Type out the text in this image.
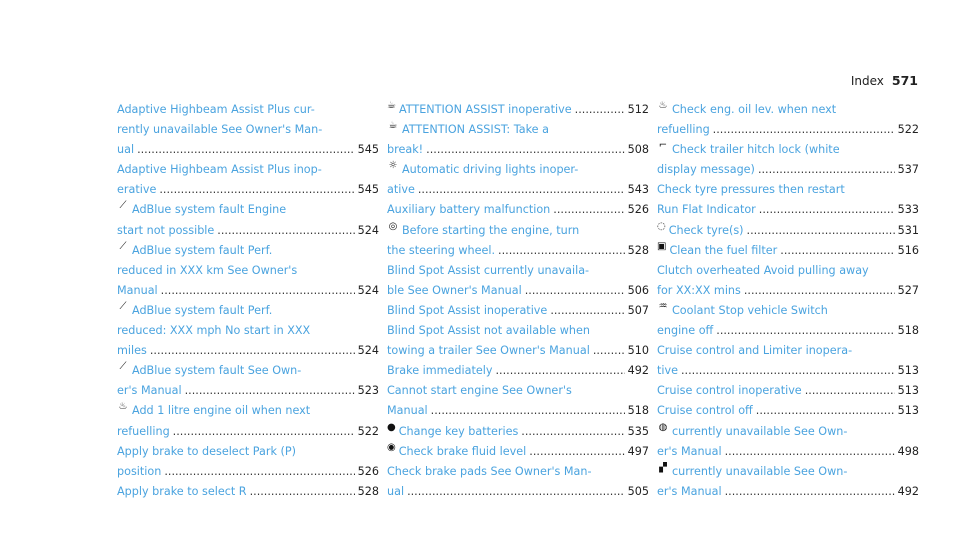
Index 571
Adaptive Highbeam Assist Plus cur-
rently unavailable See Owner's Man-
ual .....	545
Adaptive Highbeam Assist Plus inop-
erative .....	545
⟋ AdBlue system fault Engine
start not possible .....	524
⟋ AdBlue system fault Perf.
reduced in XXX km See Owner's
Manual .....	524
⟋ AdBlue system fault Perf.
reduced: XXX mph No start in XXX
miles .....	524
⟋ AdBlue system fault See Own-
er's Manual .....	523
♨ Add 1 litre engine oil when next
refuelling .....	522
Apply brake to deselect Park (P)
position .....	526
Apply brake to select R .....	528
☕ ATTENTION ASSIST inoperative .....	512
☕ ATTENTION ASSIST: Take a
break! .....	508
☼ Automatic driving lights inoper-
ative .....	543
Auxiliary battery malfunction .....	526
◎ Before starting the engine, turn
the steering wheel. .....	528
Blind Spot Assist currently unavaila-
ble See Owner's Manual .....	506
Blind Spot Assist inoperative .....	507
Blind Spot Assist not available when
towing a trailer See Owner's Manual .....	510
Brake immediately .....	492
Cannot start engine See Owner's
Manual .....	518
● Change key batteries .....	535
◉ Check brake fluid level .....	497
Check brake pads See Owner's Man-
ual .....	505
♨ Check eng. oil lev. when next
refuelling .....	522
⌐ Check trailer hitch lock (white
display message) .....	537
Check tyre pressures then restart
Run Flat Indicator .....	533
◌ Check tyre(s) .....	531
▣ Clean the fuel filter .....	516
Clutch overheated Avoid pulling away
for XX:XX mins .....	527
♒ Coolant Stop vehicle Switch
engine off .....	518
Cruise control and Limiter inopera-
tive .....	513
Cruise control inoperative .....	513
Cruise control off .....	513
◍ currently unavailable See Own-
er's Manual .....	498
▞ currently unavailable See Own-
er's Manual .....	492
